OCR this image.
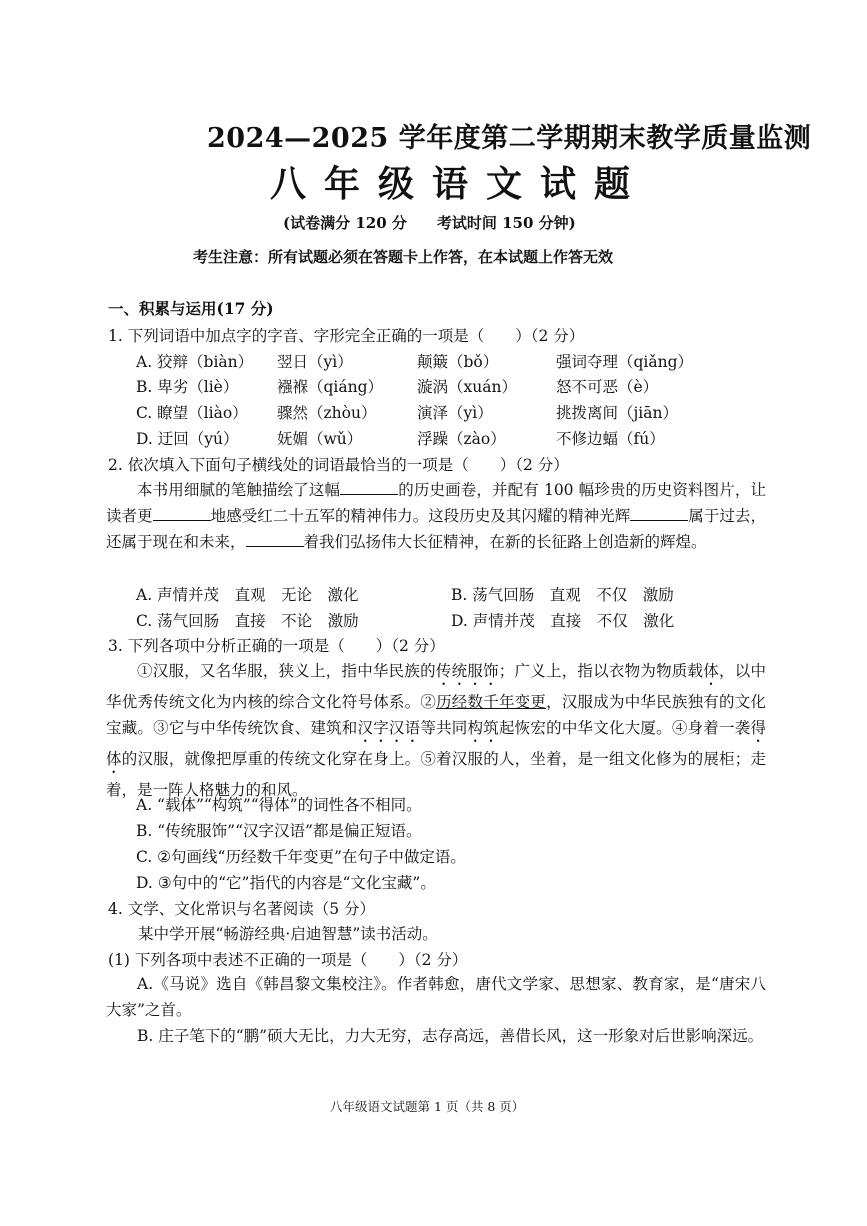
2024—2025 学年度第二学期期末教学质量监测
八年级语文试题
(试卷满分 120 分　　考试时间 150 分钟)
考生注意：所有试题必须在答题卡上作答，在本试题上作答无效
一、积累与运用(17 分)
1. 下列词语中加点字的字音、字形完全正确的一项是（　　）（2 分）
A. 狡辩（biàn） 翌日（yì）	颠簸（bǒ）	强词夺理（qiǎng）
B. 卑劣（liè） 襁褓（qiáng） 漩涡（xuán）	怒不可恶（è）
C. 瞭望（liào） 骤然（zhòu）	演泽（yì）	挑拨离间（jiān）
D. 迂回（yú） 妩媚（wǔ）	浮躁（zào）	不修边蝠（fú）
2. 依次填入下面句子横线处的词语最恰当的一项是（　　）（2 分）
本书用细腻的笔触描绘了这幅	的历史画卷，并配有 100 幅珍贵的历史资料图片，让读者更	地感受红二十五军的精神伟力。这段历史及其闪耀的精神光辉	属于过去，还属于现在和未来，	着我们弘扬伟大长征精神，在新的长征路上创造新的辉煌。
A. 声情并茂　直观　无论　激化	B. 荡气回肠　直观　不仅　激励
C. 荡气回肠　直接　不论　激励	D. 声情并茂　直接　不仅　激化
3. 下列各项中分析正确的一项是（　　）（2 分）
①汉服，又名华服，狭义上，指中华民族的传统服饰；广义上，指以衣物为物质载体，以中华优秀传统文化为内核的综合文化符号体系。②历经数千年变更，汉服成为中华民族独有的文化宝藏。③它与中华传统饮食、建筑和汉字汉语等共同构筑起恢宏的中华文化大厦。④身着一袭得体的汉服，就像把厚重的传统文化穿在身上。⑤着汉服的人，坐着，是一组文化修为的展柜；走着，是一阵人格魅力的和风。
A. “载体”“构筑”“得体”的词性各不相同。
B. “传统服饰”“汉字汉语”都是偏正短语。
C. ②句画线“历经数千年变更”在句子中做定语。
D. ③句中的“它”指代的内容是“文化宝藏”。
4. 文学、文化常识与名著阅读（5 分）
某中学开展“畅游经典·启迪智慧”读书活动。
(1) 下列各项中表述不正确的一项是（　　）（2 分）
A.《马说》选自《韩昌黎文集校注》。作者韩愈，唐代文学家、思想家、教育家，是“唐宋八大家”之首。
B. 庄子笔下的“鹏”硕大无比，力大无穷，志存高远，善借长风，这一形象对后世影响深远。
八年级语文试题第 1 页（共 8 页）
